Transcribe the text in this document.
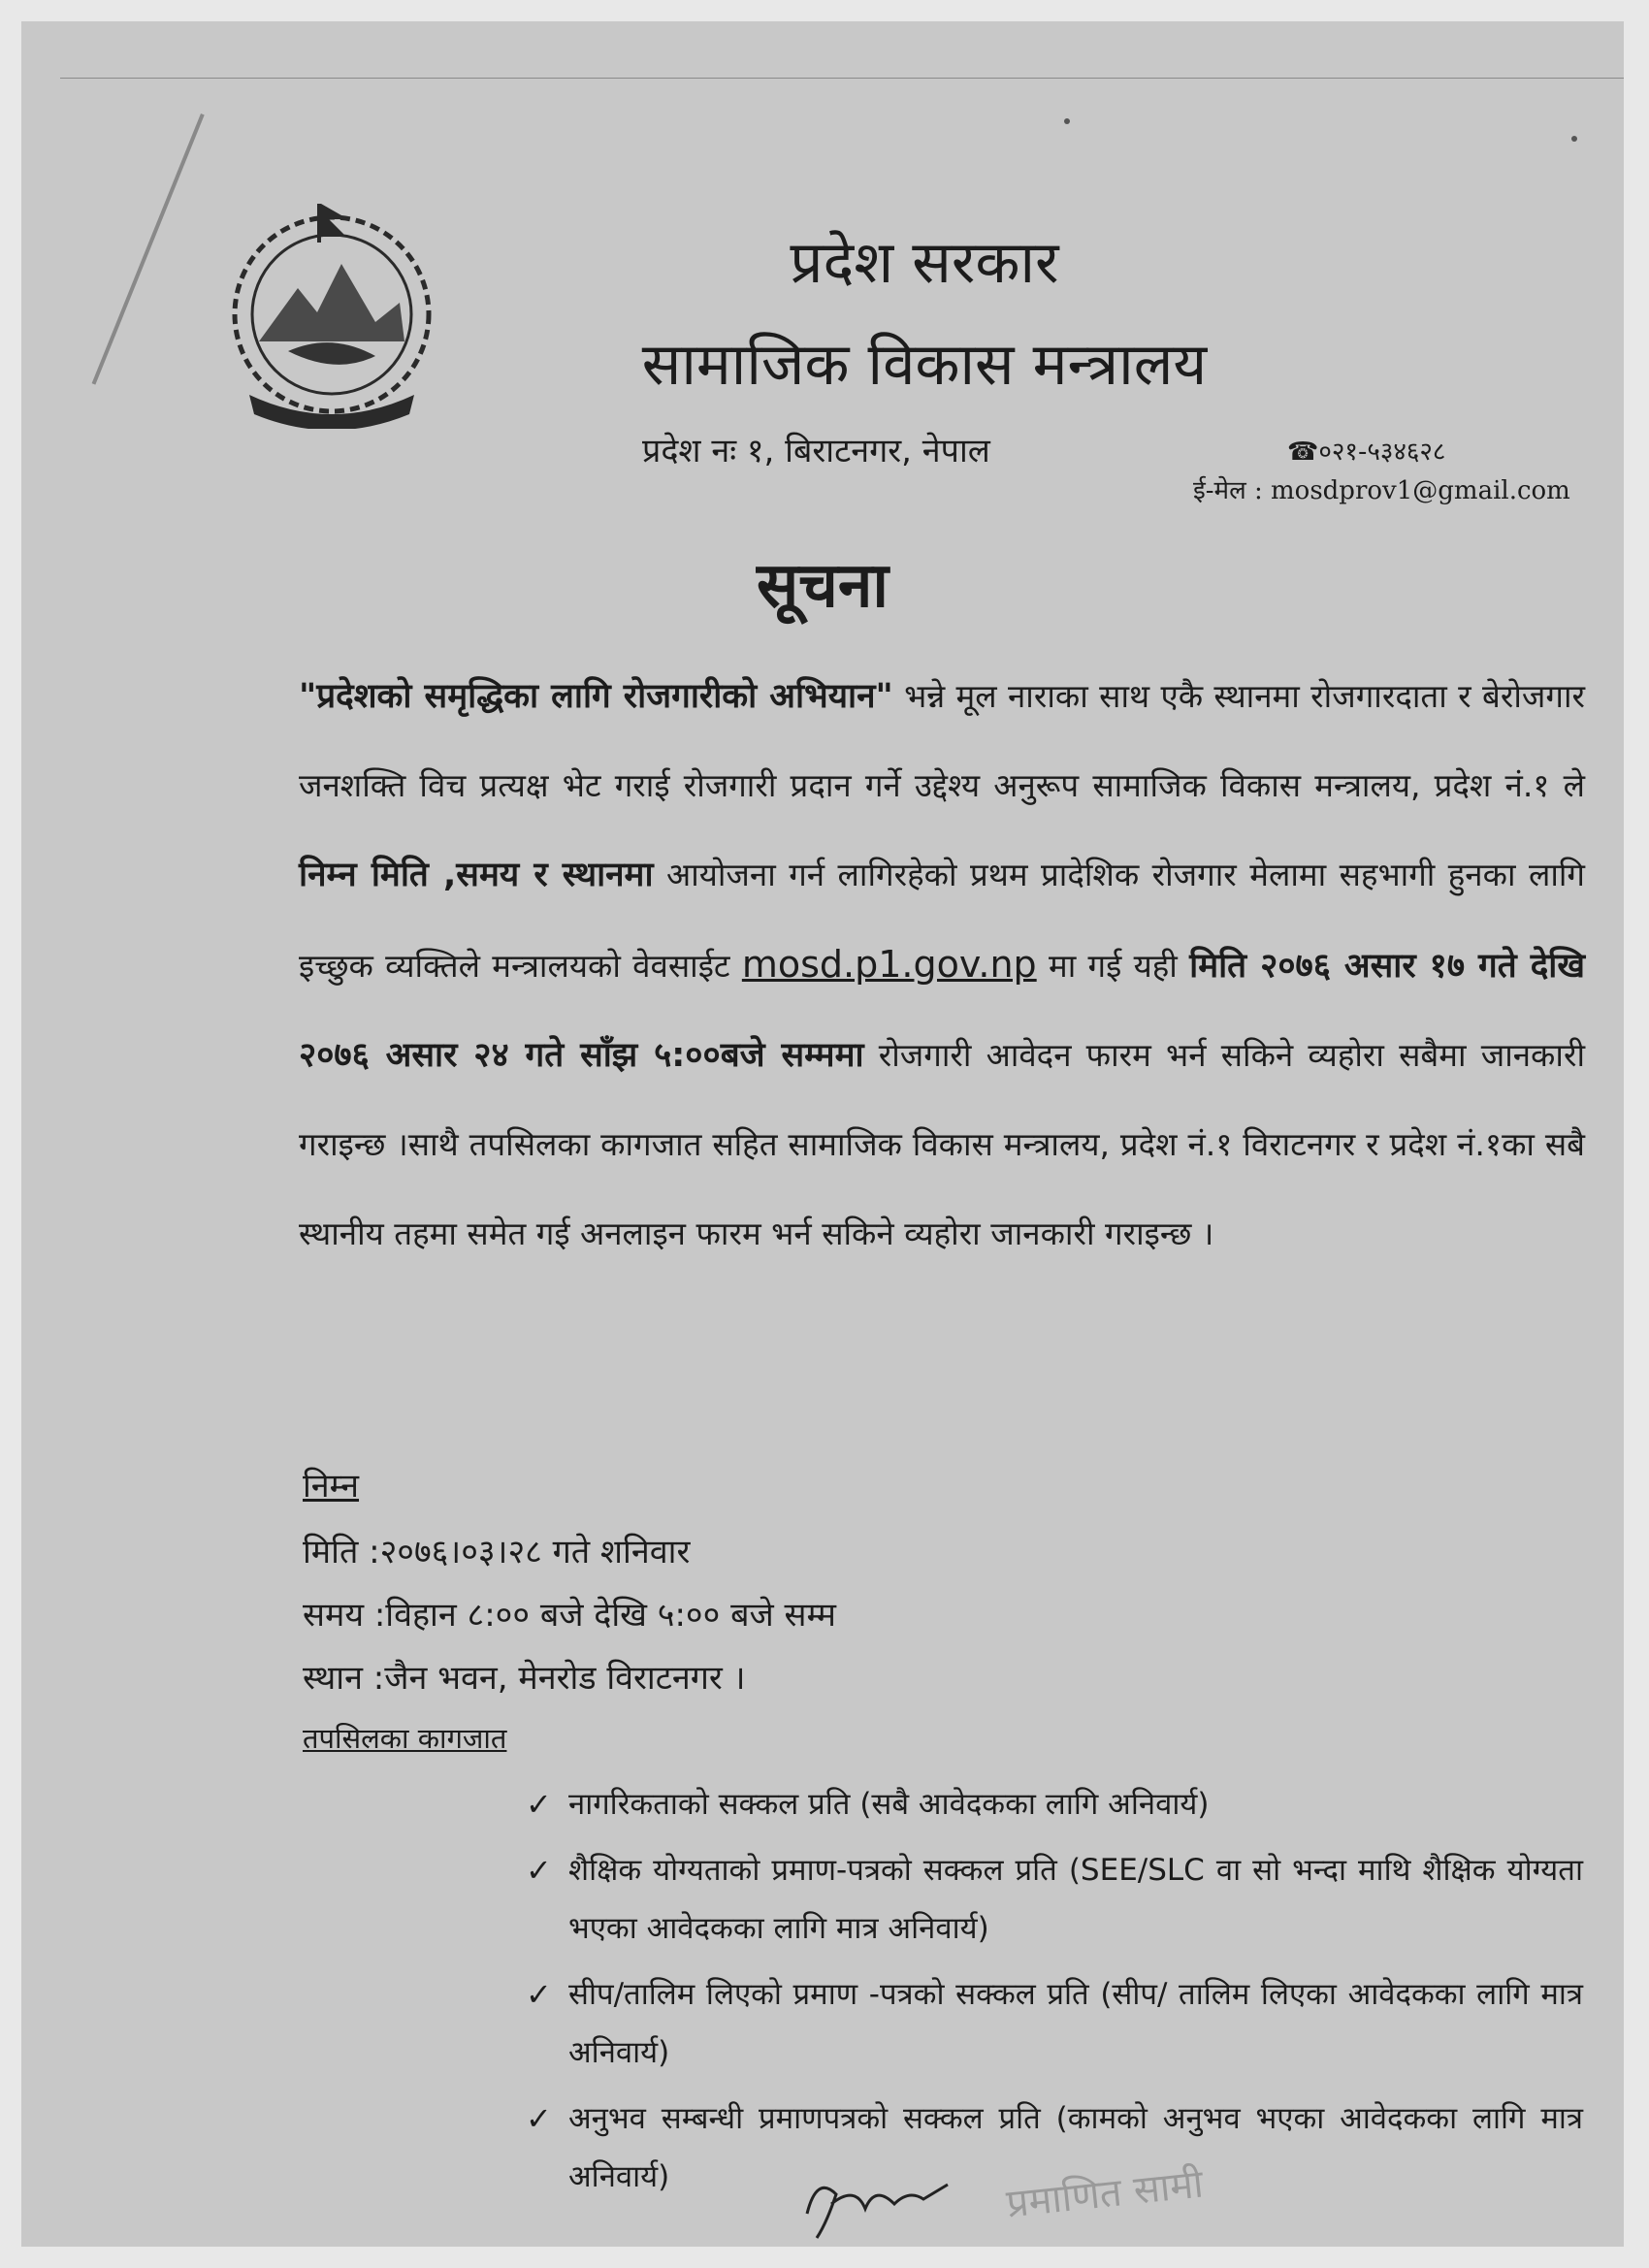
प्रदेश सरकार
सामाजिक विकास मन्त्रालय
प्रदेश नः १, बिराटनगर, नेपाल	☎०२१-५३४६२८
ई-मेल : mosdprov1@gmail.com
सूचना
"प्रदेशको समृद्धिका लागि रोजगारीको अभियान" भन्ने मूल नाराका साथ एकै स्थानमा रोजगारदाता र बेरोजगार जनशक्ति विच प्रत्यक्ष भेट गराई रोजगारी प्रदान गर्ने उद्देश्य अनुरूप सामाजिक विकास मन्त्रालय, प्रदेश नं.१ ले निम्न मिति ,समय र स्थानमा आयोजना गर्न लागिरहेको प्रथम प्रादेशिक रोजगार मेलामा सहभागी हुनका लागि इच्छुक व्यक्तिले मन्त्रालयको वेवसाईट mosd.p1.gov.np मा गई यही मिति २०७६ असार १७ गते देखि २०७६ असार २४ गते साँझ ५:००बजे सम्ममा रोजगारी आवेदन फारम भर्न सकिने व्यहोरा सबैमा जानकारी गराइन्छ ।साथै तपसिलका कागजात सहित सामाजिक विकास मन्त्रालय, प्रदेश नं.१ विराटनगर र प्रदेश नं.१का सबै स्थानीय तहमा समेत गई अनलाइन फारम भर्न सकिने व्यहोरा जानकारी गराइन्छ ।
निम्न
मिति :२०७६।०३।२८ गते शनिवार
समय :विहान ८:०० बजे देखि ५:०० बजे सम्म
स्थान :जैन भवन, मेनरोड विराटनगर ।
तपसिलका कागजात
✓ नागरिकताको सक्कल प्रति (सबै आवेदकका लागि अनिवार्य)
✓ शैक्षिक योग्यताको प्रमाण-पत्रको सक्कल प्रति (SEE/SLC वा सो भन्दा माथि शैक्षिक योग्यता भएका आवेदकका लागि मात्र अनिवार्य)
✓ सीप/तालिम लिएको प्रमाण -पत्रको सक्कल प्रति (सीप/ तालिम लिएका आवेदकका लागि मात्र अनिवार्य)
✓ अनुभव सम्बन्धी प्रमाणपत्रको सक्कल प्रति (कामको अनुभव भएका आवेदकका लागि मात्र अनिवार्य)	प्रमाणित सामी
